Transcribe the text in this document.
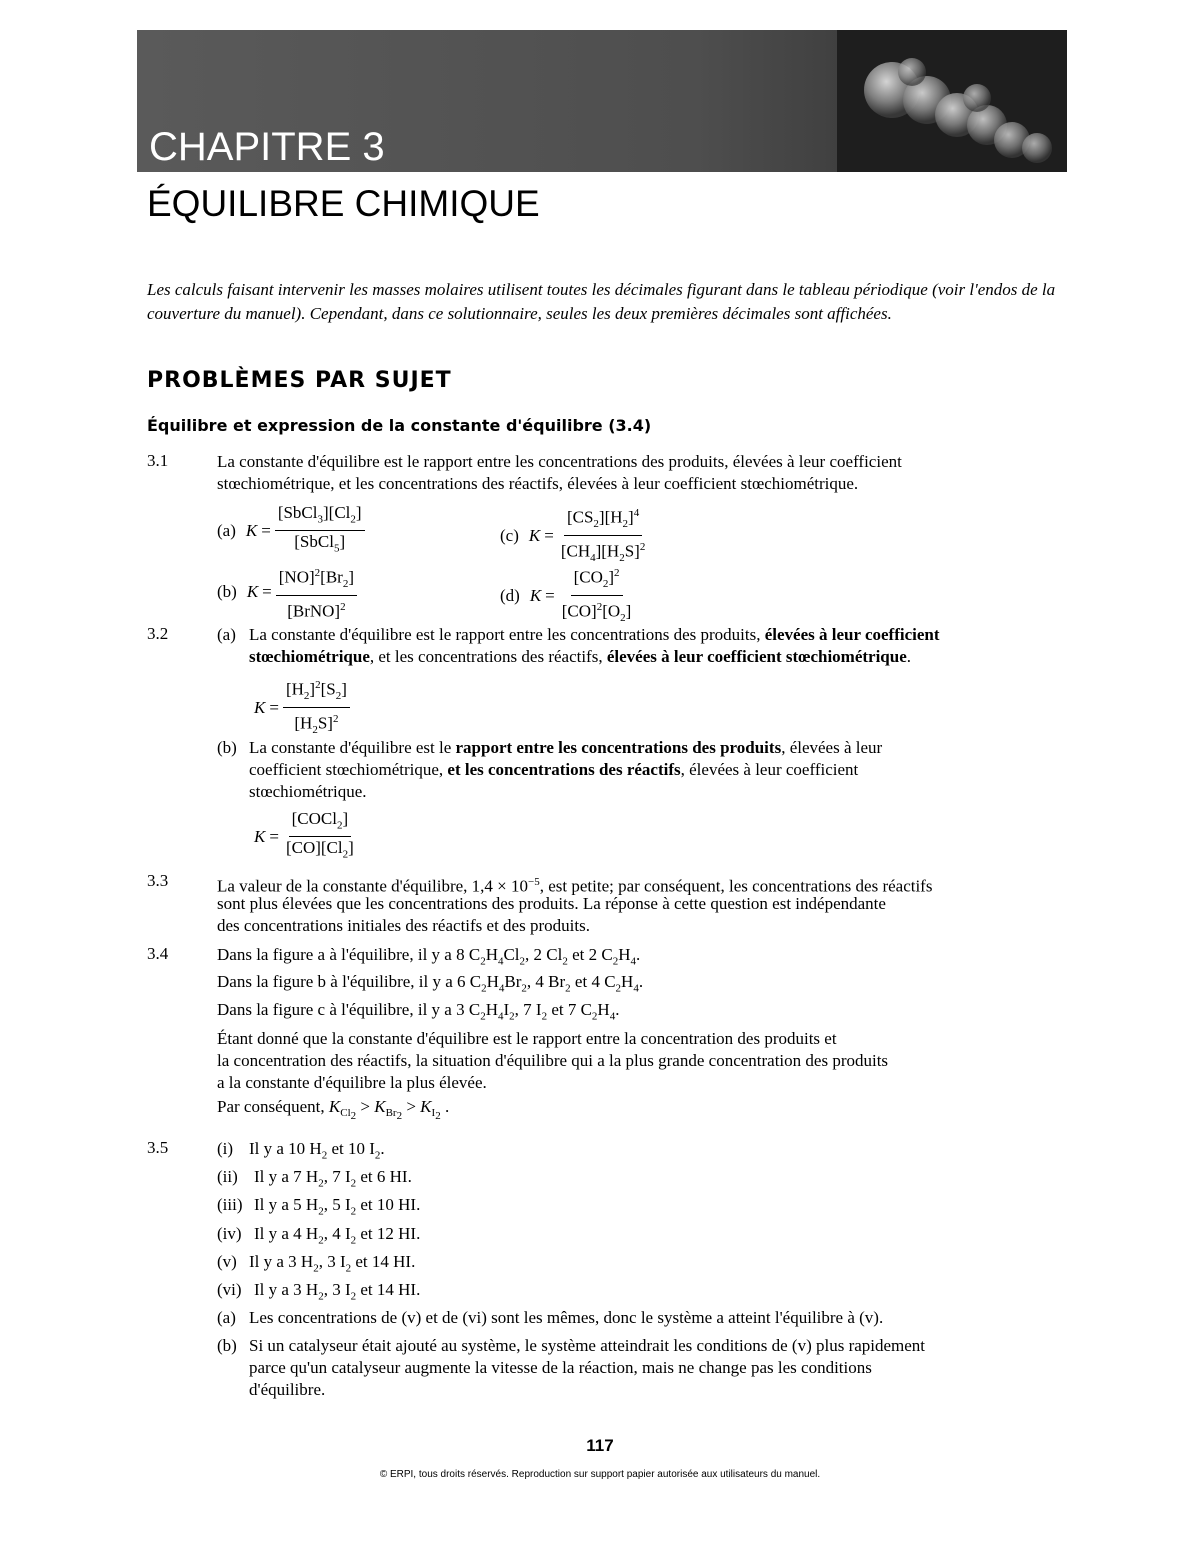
CHAPITRE 3
ÉQUILIBRE CHIMIQUE
Les calculs faisant intervenir les masses molaires utilisent toutes les décimales figurant dans le tableau périodique (voir l'endos de la couverture du manuel). Cependant, dans ce solutionnaire, seules les deux premières décimales sont affichées.
PROBLÈMES PAR SUJET
Équilibre et expression de la constante d'équilibre (3.4)
3.1	La constante d'équilibre est le rapport entre les concentrations des produits, élevées à leur coefficient
stœchiométrique, et les concentrations des réactifs, élevées à leur coefficient stœchiométrique.
(a) $K = \frac{[SbCl_3][Cl_2]}{[SbCl_5]}$	(c) $K = \frac{[CS_2][H_2]^4}{[CH_4][H_2S]^2}$
(b) $K = \frac{[NO]^2[Br_2]}{[BrNO]^2}$	(d) $K = \frac{[CO_2]^2}{[CO]^2[O_2]}$
3.2	(a) La constante d'équilibre est le rapport entre les concentrations des produits, élevées à leur coefficient
stœchiométrique, et les concentrations des réactifs, élevées à leur coefficient stœchiométrique.
$K = \frac{[H_2]^2[S_2]}{[H_2S]^2}$
(b) La constante d'équilibre est le rapport entre les concentrations des produits, élevées à leur
coefficient stœchiométrique, et les concentrations des réactifs, élevées à leur coefficient
stœchiométrique.
$K = \frac{[COCl_2]}{[CO][Cl_2]}$
3.3	La valeur de la constante d'équilibre, $1,4 \times 10^{-5}$, est petite; par conséquent, les concentrations des réactifs
sont plus élevées que les concentrations des produits. La réponse à cette question est indépendante
des concentrations initiales des réactifs et des produits.
3.4	Dans la figure a à l'équilibre, il y a 8 $C_2H_4Cl_2$, 2 $Cl_2$ et 2 $C_2H_4$.
Dans la figure b à l'équilibre, il y a 6 $C_2H_4Br_2$, 4 $Br_2$ et 4 $C_2H_4$.
Dans la figure c à l'équilibre, il y a 3 $C_2H_4I_2$, 7 $I_2$ et 7 $C_2H_4$.
Étant donné que la constante d'équilibre est le rapport entre la concentration des produits et
la concentration des réactifs, la situation d'équilibre qui a la plus grande concentration des produits
a la constante d'équilibre la plus élevée.
Par conséquent, $K_{Cl_2} > K_{Br_2} > K_{I_2}$ .
3.5	(i) Il y a 10 $H_2$ et 10 $I_2$.
(ii) Il y a 7 $H_2$, 7 $I_2$ et 6 HI.
(iii) Il y a 5 $H_2$, 5 $I_2$ et 10 HI.
(iv) Il y a 4 $H_2$, 4 $I_2$ et 12 HI.
(v) Il y a 3 $H_2$, 3 $I_2$ et 14 HI.
(vi) Il y a 3 $H_2$, 3 $I_2$ et 14 HI.
(a) Les concentrations de (v) et de (vi) sont les mêmes, donc le système a atteint l'équilibre à (v).
(b) Si un catalyseur était ajouté au système, le système atteindrait les conditions de (v) plus rapidement
parce qu'un catalyseur augmente la vitesse de la réaction, mais ne change pas les conditions
d'équilibre.
117
© ERPI, tous droits réservés. Reproduction sur support papier autorisée aux utilisateurs du manuel.
